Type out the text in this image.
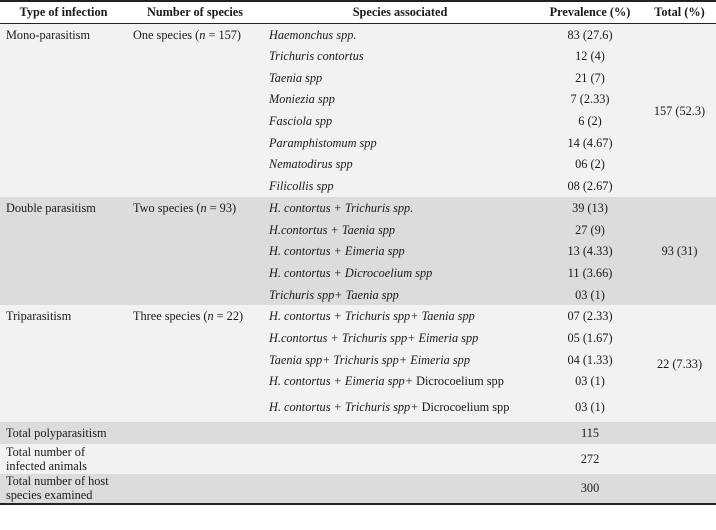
Type of infection	Number of species	Species associated	Prevalence (%)	Total (%)
Mono-parasitism	One species (n = 157)	Haemonchus spp.	83 (27.6)	157 (52.3)
		Trichuris contortus	12 (4)	
		Taenia spp	21 (7)	
		Moniezia spp	7 (2.33)	
		Fasciola spp	6 (2)	
		Paramphistomum spp	14 (4.67)	
		Nematodirus spp	06 (2)	
		Filicollis spp	08 (2.67)	
Double parasitism	Two species (n = 93)	H. contortus + Trichuris spp.	39 (13)	93 (31)
		H.contortus + Taenia spp	27 (9)	
		H. contortus + Eimeria spp	13 (4.33)	
		H. contortus + Dicrocoelium spp	11 (3.66)	
		Trichuris spp+ Taenia spp	03 (1)	
Triparasitism	Three species (n = 22)	H. contortus + Trichuris spp+ Taenia spp	07 (2.33)	22 (7.33)
		H.contortus + Trichuris spp+ Eimeria spp	05 (1.67)	
		Taenia spp+ Trichuris spp+ Eimeria spp	04 (1.33)	
		H. contortus + Eimeria spp+ Dicrocoelium spp	03 (1)	
		H. contortus + Trichuris spp+ Dicrocoelium spp	03 (1)	
Total polyparasitism			115	
Total number of infected animals			272	
Total number of host species examined			300	
